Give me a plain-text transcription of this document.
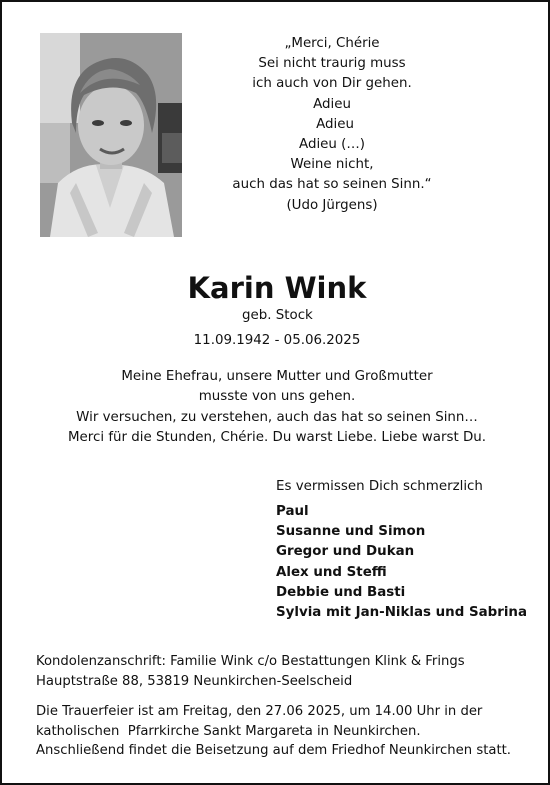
„Merci, Chérie
Sei nicht traurig muss
ich auch von Dir gehen.
Adieu
Adieu
Adieu (…)
Weine nicht,
auch das hat so seinen Sinn.“
(Udo Jürgens)
Karin Wink
geb. Stock
11.09.1942 - 05.06.2025
Meine Ehefrau, unsere Mutter und Großmutter
musste von uns gehen.
Wir versuchen, zu verstehen, auch das hat so seinen Sinn…
Merci für die Stunden, Chérie. Du warst Liebe. Liebe warst Du.
Es vermissen Dich schmerzlich
Paul
Susanne und Simon
Gregor und Dukan
Alex und Steffi
Debbie und Basti
Sylvia mit Jan-Niklas und Sabrina
Kondolenzanschrift: Familie Wink c/o Bestattungen Klink & Frings
Hauptstraße 88, 53819 Neunkirchen-Seelscheid
Die Trauerfeier ist am Freitag, den 27.06 2025, um 14.00 Uhr in der
katholischen  Pfarrkirche Sankt Margareta in Neunkirchen.
Anschließend findet die Beisetzung auf dem Friedhof Neunkirchen statt.
